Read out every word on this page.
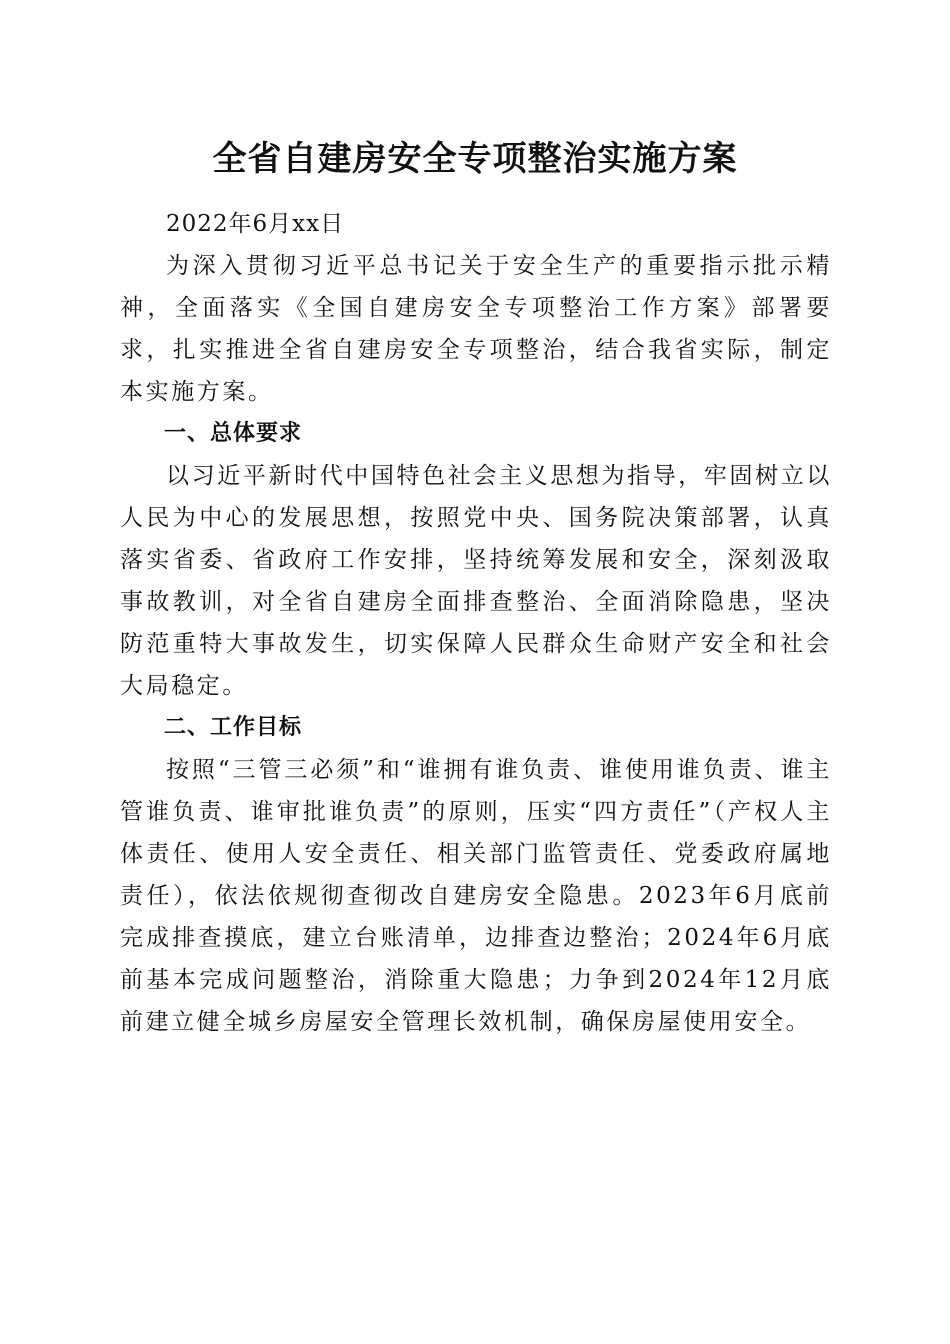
全省自建房安全专项整治实施方案

2022年6月xx日

为深入贯彻习近平总书记关于安全生产的重要指示批示精神，全面落实《全国自建房安全专项整治工作方案》部署要求，扎实推进全省自建房安全专项整治，结合我省实际，制定本实施方案。

一、总体要求

以习近平新时代中国特色社会主义思想为指导，牢固树立以人民为中心的发展思想，按照党中央、国务院决策部署，认真落实省委、省政府工作安排，坚持统筹发展和安全，深刻汲取事故教训，对全省自建房全面排查整治、全面消除隐患，坚决防范重特大事故发生，切实保障人民群众生命财产安全和社会大局稳定。

二、工作目标

按照“三管三必须”和“谁拥有谁负责、谁使用谁负责、谁主管谁负责、谁审批谁负责”的原则，压实“四方责任”（产权人主体责任、使用人安全责任、相关部门监管责任、党委政府属地责任），依法依规彻查彻改自建房安全隐患。2023年6月底前完成排查摸底，建立台账清单，边排查边整治；2024年6月底前基本完成问题整治，消除重大隐患；力争到2024年12月底前建立健全城乡房屋安全管理长效机制，确保房屋使用安全。
